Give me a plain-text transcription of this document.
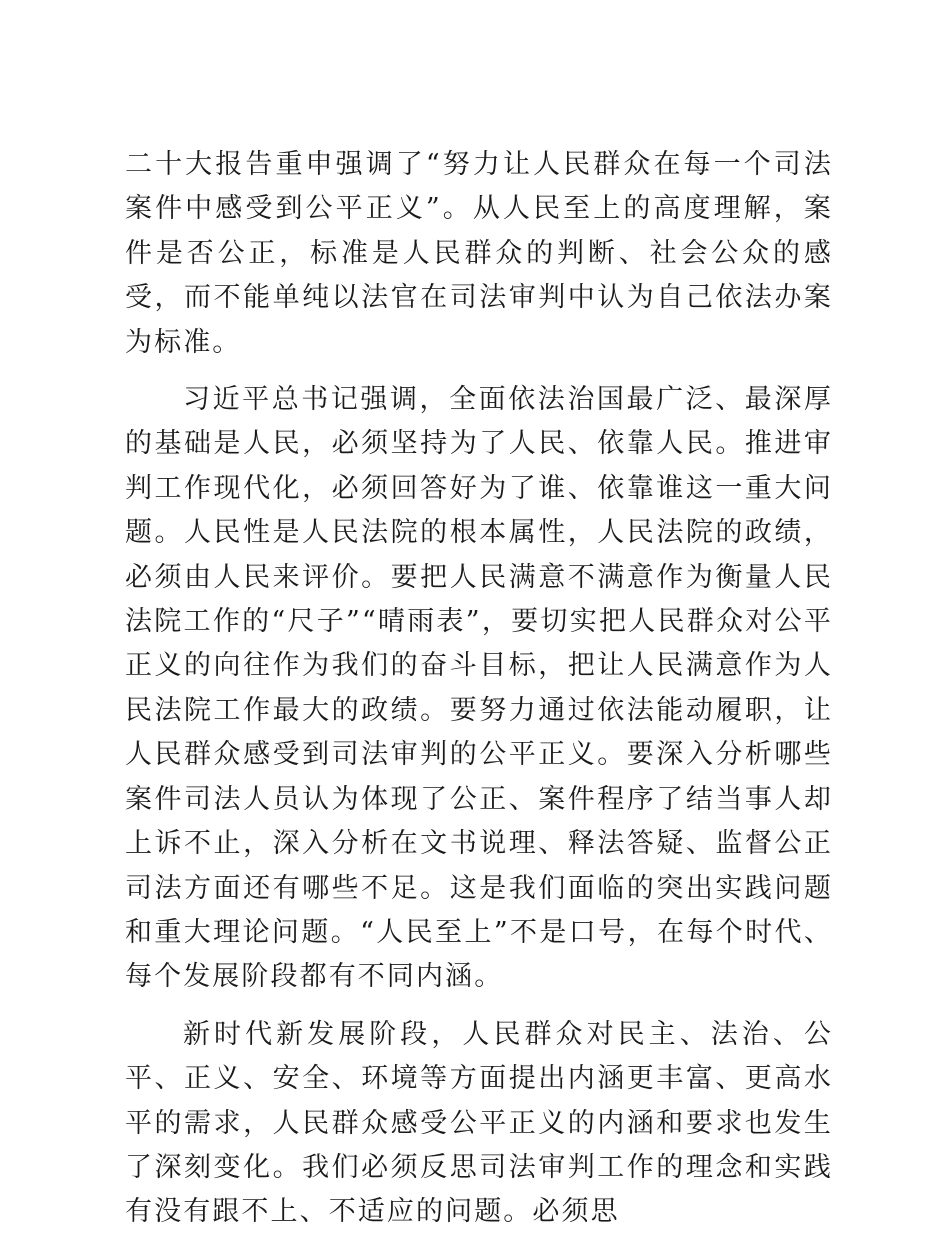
二十大报告重申强调了“努力让人民群众在每一个司法案件中感受到公平正义”。从人民至上的高度理解，案件是否公正，标准是人民群众的判断、社会公众的感受，而不能单纯以法官在司法审判中认为自己依法办案为标准。

习近平总书记强调，全面依法治国最广泛、最深厚的基础是人民，必须坚持为了人民、依靠人民。推进审判工作现代化，必须回答好为了谁、依靠谁这一重大问题。人民性是人民法院的根本属性，人民法院的政绩，必须由人民来评价。要把人民满意不满意作为衡量人民法院工作的“尺子”“晴雨表”，要切实把人民群众对公平正义的向往作为我们的奋斗目标，把让人民满意作为人民法院工作最大的政绩。要努力通过依法能动履职，让人民群众感受到司法审判的公平正义。要深入分析哪些案件司法人员认为体现了公正、案件程序了结当事人却上诉不止，深入分析在文书说理、释法答疑、监督公正司法方面还有哪些不足。这是我们面临的突出实践问题和重大理论问题。“人民至上”不是口号，在每个时代、每个发展阶段都有不同内涵。

新时代新发展阶段，人民群众对民主、法治、公平、正义、安全、环境等方面提出内涵更丰富、更高水平的需求，人民群众感受公平正义的内涵和要求也发生了深刻变化。我们必须反思司法审判工作的理念和实践有没有跟不上、不适应的问题。必须思
